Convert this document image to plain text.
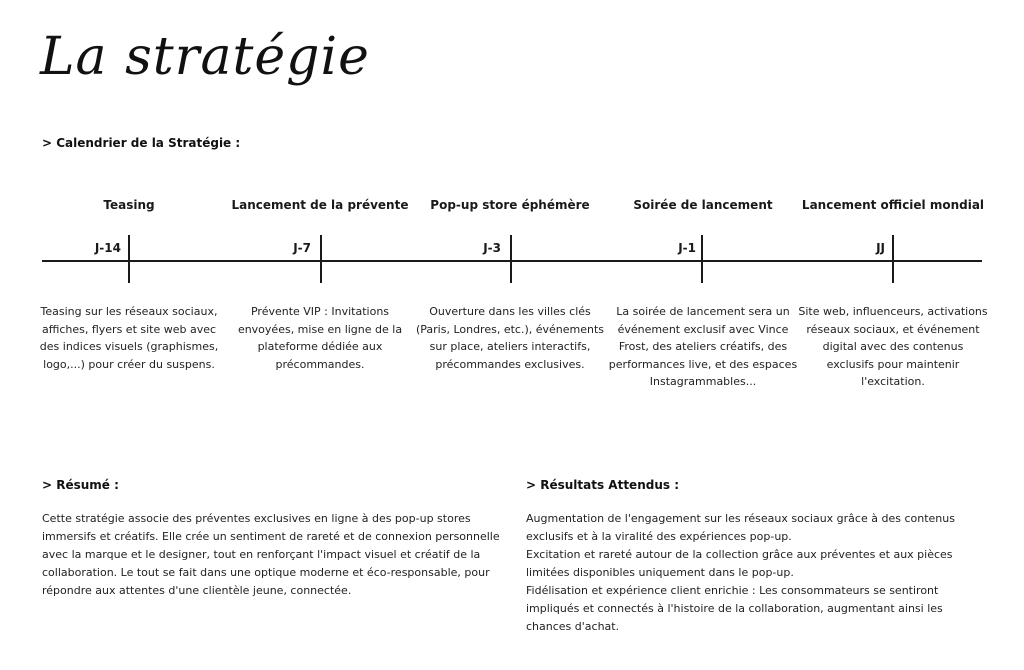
La stratégie
> Calendrier de la Stratégie :
Teasing
J-14
Teasing sur les réseaux sociaux, affiches, flyers et site web avec des indices visuels (graphismes, logo,...) pour créer du suspens.
Lancement de la prévente
J-7
Prévente VIP : Invitations envoyées, mise en ligne de la plateforme dédiée aux précommandes.
Pop-up store éphémère
J-3
Ouverture dans les villes clés (Paris, Londres, etc.), événements sur place, ateliers interactifs, précommandes exclusives.
Soirée de lancement
J-1
La soirée de lancement sera un événement exclusif avec Vince Frost, des ateliers créatifs, des performances live, et des espaces Instagrammables...
Lancement officiel mondial
JJ
Site web, influenceurs, activations réseaux sociaux, et événement digital avec des contenus exclusifs pour maintenir l'excitation.
> Résumé :
Cette stratégie associe des préventes exclusives en ligne à des pop-up stores immersifs et créatifs. Elle crée un sentiment de rareté et de connexion personnelle avec la marque et le designer, tout en renforçant l'impact visuel et créatif de la collaboration. Le tout se fait dans une optique moderne et éco-responsable, pour répondre aux attentes d'une clientèle jeune, connectée.
> Résultats Attendus :
Augmentation de l'engagement sur les réseaux sociaux grâce à des contenus exclusifs et à la viralité des expériences pop-up.
Excitation et rareté autour de la collection grâce aux préventes et aux pièces limitées disponibles uniquement dans le pop-up.
Fidélisation et expérience client enrichie : Les consommateurs se sentiront impliqués et connectés à l'histoire de la collaboration, augmentant ainsi les chances d'achat.
